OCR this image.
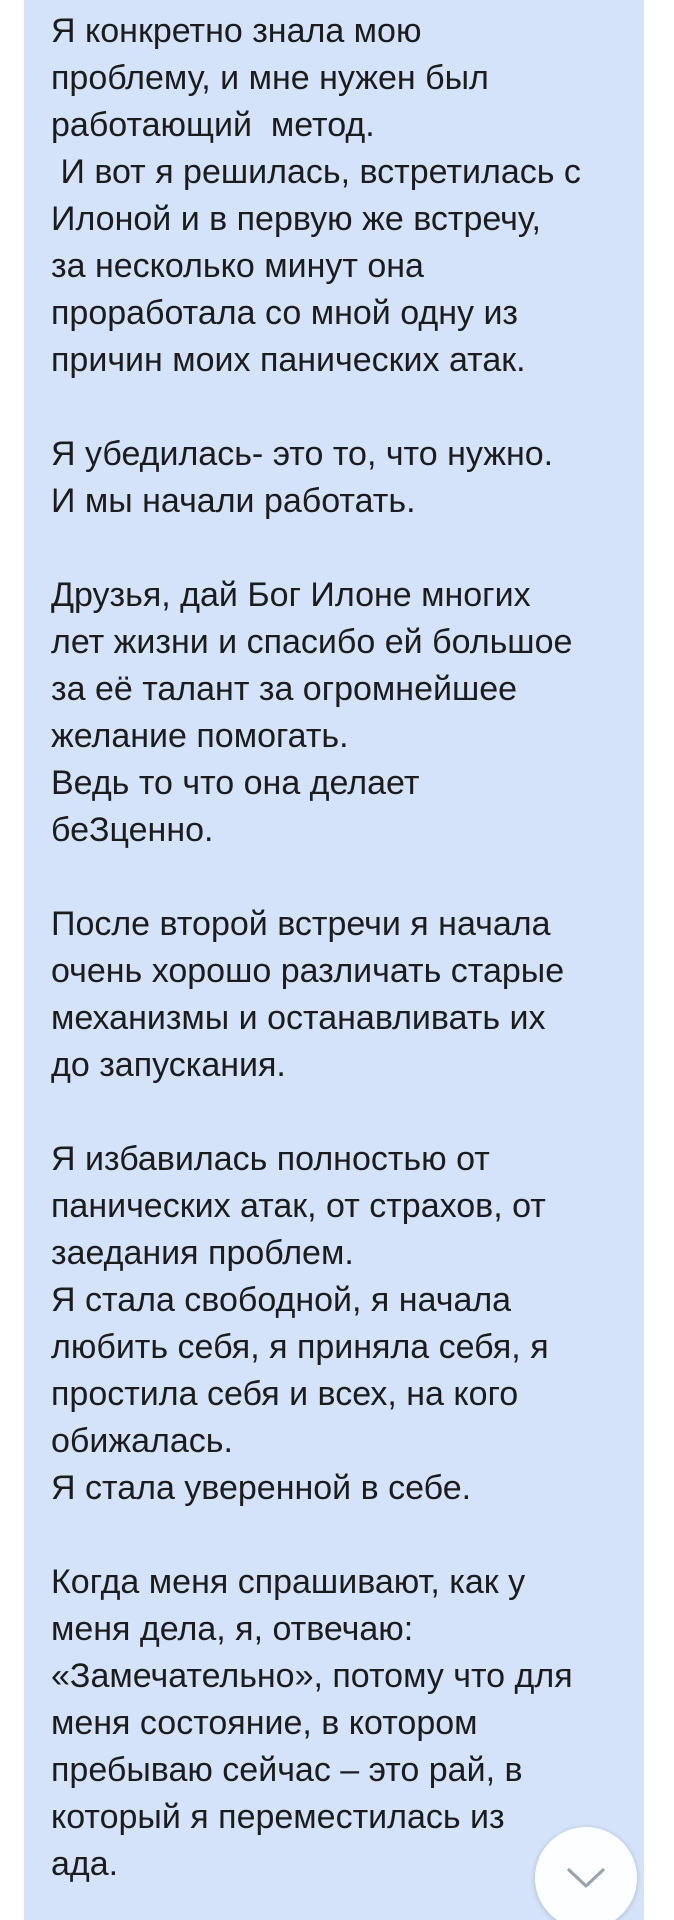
Я конкретно знала мою
проблему, и мне нужен был
работающий  метод.
И вот я решилась, встретилась с
Илоной и в первую же встречу,
за несколько минут она
проработала со мной одну из
причин моих панических атак.

Я убедилась- это то, что нужно.
И мы начали работать.

Друзья, дай Бог Илоне многих
лет жизни и спасибо ей большое
за её талант за огромнейшее
желание помогать.
Ведь то что она делает
беЗценно.

После второй встречи я начала
очень хорошо различать старые
механизмы и останавливать их
до запускания.

Я избавилась полностью от
панических атак, от страхов, от
заедания проблем.
Я стала свободной, я начала
любить себя, я приняла себя, я
простила себя и всех, на кого
обижалась.
Я стала уверенной в себе.

Когда меня спрашивают, как у
меня дела, я, отвечаю:
«Замечательно», потому что для
меня состояние, в котором
пребываю сейчас – это рай, в
который я переместилась из
ада.
